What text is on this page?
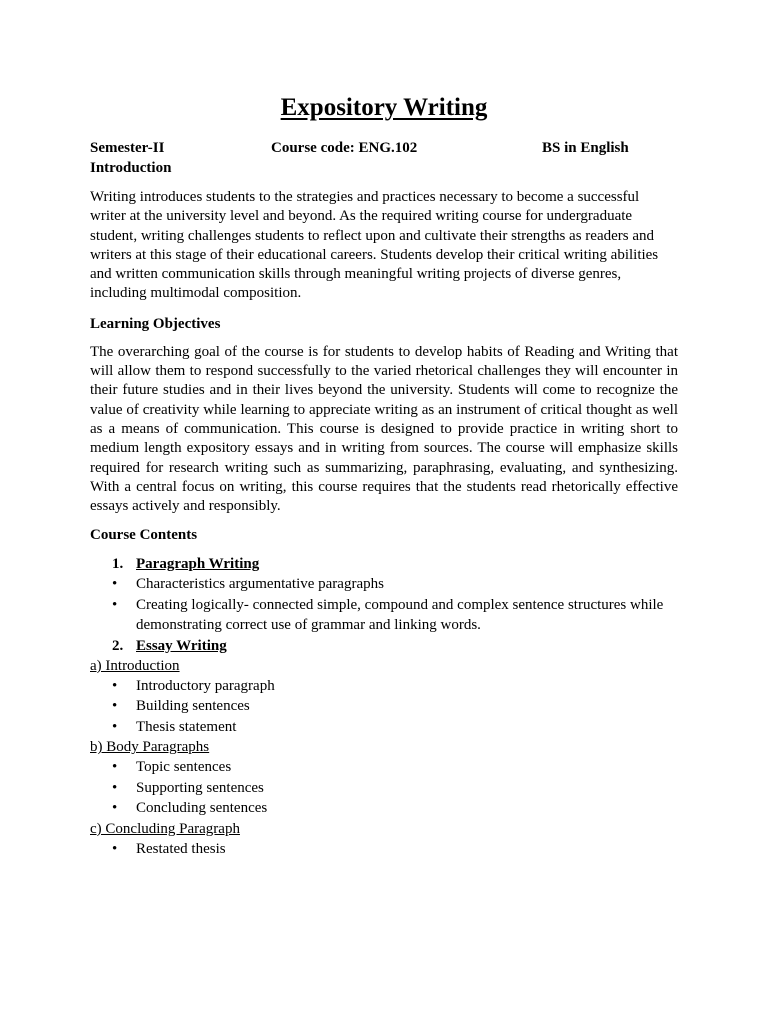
Expository Writing
Semester-II	Course code: ENG.102	BS in English
Introduction

Writing introduces students to the strategies and practices necessary to become a successful writer at the university level and beyond. As the required writing course for undergraduate student, writing challenges students to reflect upon and cultivate their strengths as readers and writers at this stage of their educational careers. Students develop their critical writing abilities and written communication skills through meaningful writing projects of diverse genres, including multimodal composition.

Learning Objectives

The overarching goal of the course is for students to develop habits of Reading and Writing that will allow them to respond successfully to the varied rhetorical challenges they will encounter in their future studies and in their lives beyond the university. Students will come to recognize the value of creativity while learning to appreciate writing as an instrument of critical thought as well as a means of communication. This course is designed to provide practice in writing short to medium length expository essays and in writing from sources. The course will emphasize skills required for research writing such as summarizing, paraphrasing, evaluating, and synthesizing. With a central focus on writing, this course requires that the students read rhetorically effective essays actively and responsibly.

Course Contents
1. Paragraph Writing
• Characteristics argumentative paragraphs
• Creating logically- connected simple, compound and complex sentence structures while demonstrating correct use of grammar and linking words.
2. Essay Writing
a) Introduction
• Introductory paragraph
• Building sentences
• Thesis statement
b) Body Paragraphs
• Topic sentences
• Supporting sentences
• Concluding sentences
c) Concluding Paragraph
• Restated thesis
